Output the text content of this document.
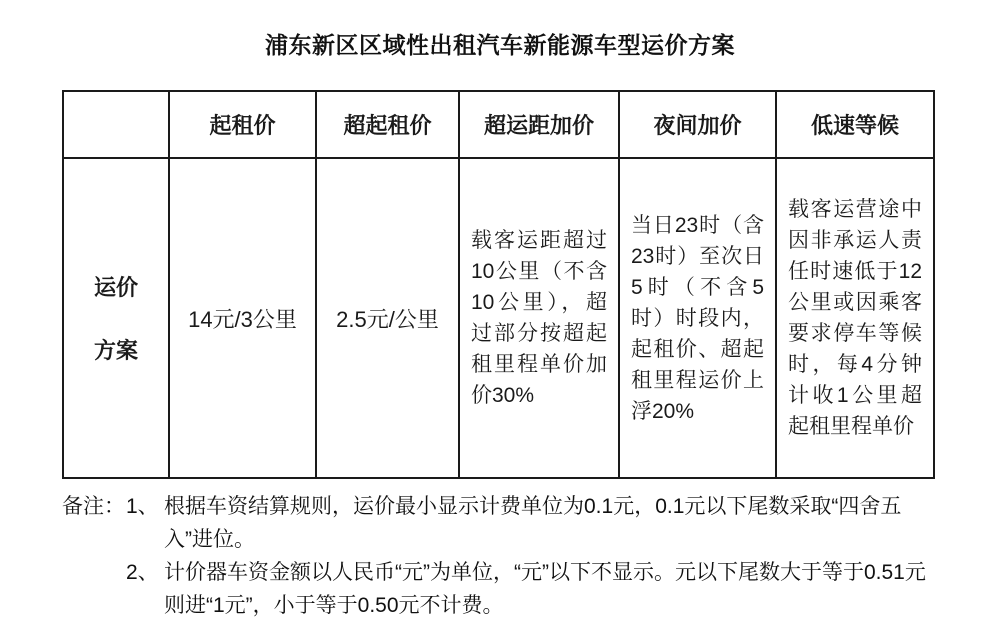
浦东新区区域性出租汽车新能源车型运价方案
	起租价	超起租价	超运距加价	夜间加价	低速等候

运价
方案	14元/3公里	2.5元/公里	载客运距超过10公里（不含10公里），超过部分按超起租里程单价加价30%	当日23时（含23时）至次日5时（不含5时）时段内，起租价、超起租里程运价上浮20%	载客运营途中因非承运人责任时速低于12公里或因乘客要求停车等候时，每4分钟计收1公里超起租里程单价
备注： 1、 根据车资结算规则，运价最小显示计费单位为0.1元，0.1元以下尾数采取“四舍五入”进位。
2、 计价器车资金额以人民币“元”为单位，“元”以下不显示。元以下尾数大于等于0.51元则进“1元”，小于等于0.50元不计费。
